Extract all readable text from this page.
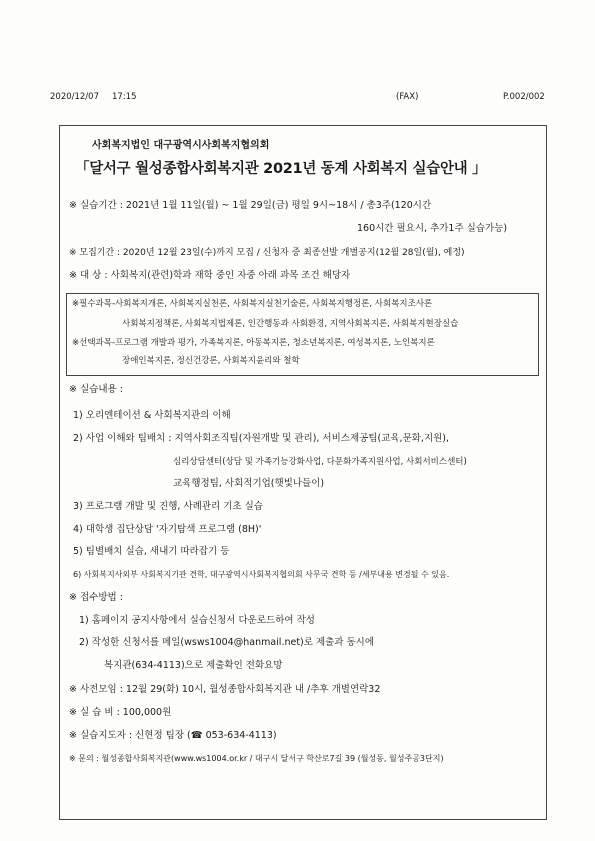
2020/12/07 17:15	(FAX)	P.002/002
사회복지법인 대구광역시사회복지협의회
「달서구 월성종합사회복지관 2021년 동계 사회복지 실습안내 」
※ 실습기간 : 2021년 1월 11일(월) ~ 1월 29일(금) 평일 9시~18시 / 총3주(120시간
160시간 필요시, 추가1주 실습가능)
※ 모집기간 : 2020년 12월 23일(수)까지 모집 / 신청자 중 최종선발 개별공지(12월 28일(월), 예정)
※ 대 상 : 사회복지(관련)학과 재학 중인 자중 아래 과목 조건 해당자
※필수과목-사회복지개론, 사회복지실천론, 사회복지실천기술론, 사회복지행정론, 사회복지조사론
사회복지정책론, 사회복지법제론, 인간행동과 사회환경, 지역사회복지론, 사회복지현장실습
※선택과목-프로그램 개발과 평가, 가족복지론, 아동복지론, 청소년복지론, 여성복지론, 노인복지론
장애인복지론, 정신건강론, 사회복지윤리와 철학
※ 실습내용 :
1) 오리엔테이션 & 사회복지관의 이해
2) 사업 이해와 팀배치 : 지역사회조직팀(자원개발 및 관리), 서비스제공팀(교육,문화,지원),
심리상담센터(상담 및 가족기능강화사업, 다문화가족지원사업, 사회서비스센터)
교육행정팀, 사회적기업(햇빛나들이)
3) 프로그램 개발 및 진행, 사례관리 기초 실습
4) 대학생 집단상담 '자기탐색 프로그램 (8H)'
5) 팀별배치 실습, 새내기 따라잡기 등
6) 사회복지사외부 사회복지기관 견학, 대구광역시사회복지협의회 사무국 견학 등 /세부내용 변경될 수 있음.
※ 접수방법 :
1) 홈페이지 공지사항에서 실습신청서 다운로드하여 작성
2) 작성한 신청서를 메일(wsws1004@hanmail.net)로 제출과 동시에
복지관(634-4113)으로 제출확인 전화요망
※ 사전모임 : 12월 29(화) 10시, 월성종합사회복지관 내 /추후 개별연락32
※ 실 습 비 : 100,000원
※ 실습지도자 : 신현정 팀장 (☎ 053-634-4113)
※ 문의 : 월성종합사회복지관(www.ws1004.or.kr / 대구시 달서구 학산로7길 39 (월성동, 월성주공3단지)
